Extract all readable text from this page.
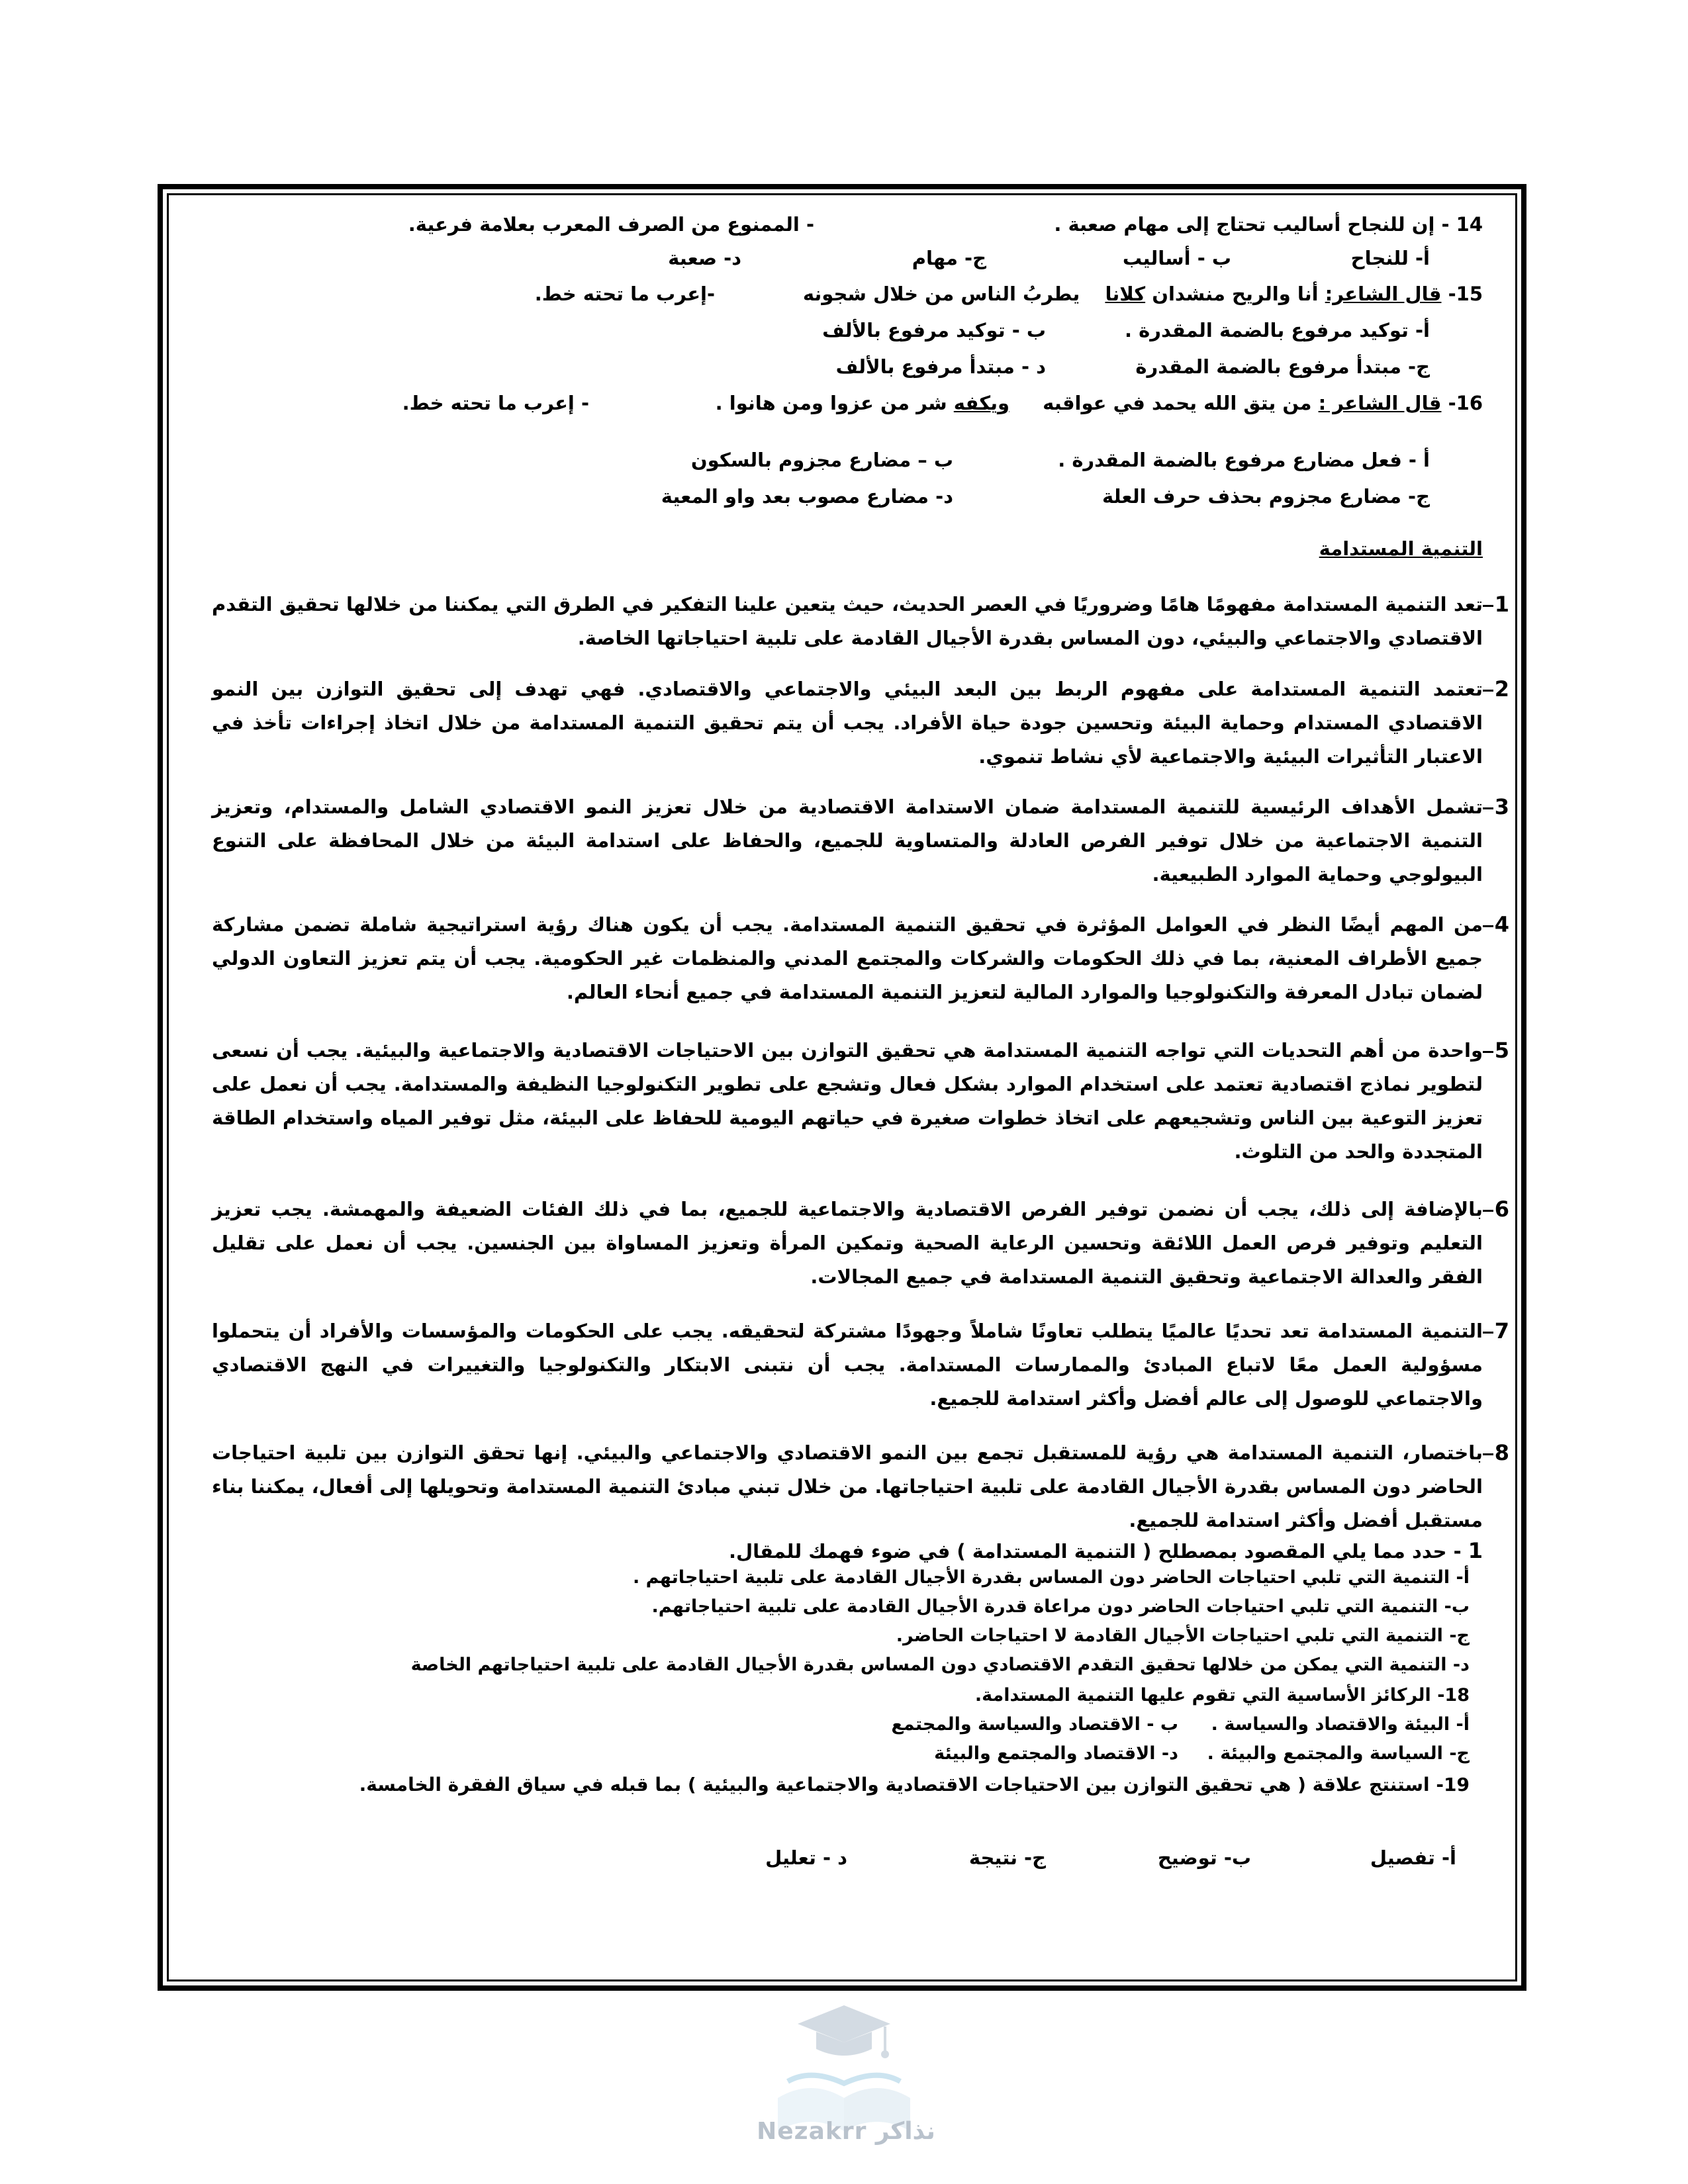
14 - إن للنجاح أساليب تحتاج إلى مهام صعبة .
- الممنوع من الصرف المعرب بعلامة فرعية.
أ- للنجاح
ب - أساليب
ج- مهام
د- صعبة
15- قال الشاعر: أنا والريح منشدان كلانا يطربُ الناس من خلال شجونه
-إعرب ما تحته خط.
أ- توكيد مرفوع بالضمة المقدرة .
ب - توكيد مرفوع بالألف
ج- مبتدأ مرفوع بالضمة المقدرة
د - مبتدأ مرفوع بالألف
16- قال الشاعر : من يتق الله يحمد في عواقبه ويكفه شر من عزوا ومن هانوا .
- إعرب ما تحته خط.
أ - فعل مضارع مرفوع بالضمة المقدرة .
ب – مضارع مجزوم بالسكون
ج- مضارع مجزوم بحذف حرف العلة
د- مضارع مصوب بعد واو المعية
التنمية المستدامة
1
تعد التنمية المستدامة مفهومًا هامًا وضروريًا في العصر الحديث، حيث يتعين علينا التفكير في الطرق التي يمكننا من خلالها تحقيق التقدم الاقتصادي والاجتماعي والبيئي، دون المساس بقدرة الأجيال القادمة على تلبية احتياجاتها الخاصة.
2
تعتمد التنمية المستدامة على مفهوم الربط بين البعد البيئي والاجتماعي والاقتصادي. فهي تهدف إلى تحقيق التوازن بين النمو الاقتصادي المستدام وحماية البيئة وتحسين جودة حياة الأفراد. يجب أن يتم تحقيق التنمية المستدامة من خلال اتخاذ إجراءات تأخذ في الاعتبار التأثيرات البيئية والاجتماعية لأي نشاط تنموي.
3
تشمل الأهداف الرئيسية للتنمية المستدامة ضمان الاستدامة الاقتصادية من خلال تعزيز النمو الاقتصادي الشامل والمستدام، وتعزيز التنمية الاجتماعية من خلال توفير الفرص العادلة والمتساوية للجميع، والحفاظ على استدامة البيئة من خلال المحافظة على التنوع البيولوجي وحماية الموارد الطبيعية.
4
من المهم أيضًا النظر في العوامل المؤثرة في تحقيق التنمية المستدامة. يجب أن يكون هناك رؤية استراتيجية شاملة تضمن مشاركة جميع الأطراف المعنية، بما في ذلك الحكومات والشركات والمجتمع المدني والمنظمات غير الحكومية. يجب أن يتم تعزيز التعاون الدولي لضمان تبادل المعرفة والتكنولوجيا والموارد المالية لتعزيز التنمية المستدامة في جميع أنحاء العالم.
5
واحدة من أهم التحديات التي تواجه التنمية المستدامة هي تحقيق التوازن بين الاحتياجات الاقتصادية والاجتماعية والبيئية. يجب أن نسعى لتطوير نماذج اقتصادية تعتمد على استخدام الموارد بشكل فعال وتشجع على تطوير التكنولوجيا النظيفة والمستدامة. يجب أن نعمل على تعزيز التوعية بين الناس وتشجيعهم على اتخاذ خطوات صغيرة في حياتهم اليومية للحفاظ على البيئة، مثل توفير المياه واستخدام الطاقة المتجددة والحد من التلوث.
6
بالإضافة إلى ذلك، يجب أن نضمن توفير الفرص الاقتصادية والاجتماعية للجميع، بما في ذلك الفئات الضعيفة والمهمشة. يجب تعزيز التعليم وتوفير فرص العمل اللائقة وتحسين الرعاية الصحية وتمكين المرأة وتعزيز المساواة بين الجنسين. يجب أن نعمل على تقليل الفقر والعدالة الاجتماعية وتحقيق التنمية المستدامة في جميع المجالات.
7
التنمية المستدامة تعد تحديًا عالميًا يتطلب تعاونًا شاملاً وجهودًا مشتركة لتحقيقه. يجب على الحكومات والمؤسسات والأفراد أن يتحملوا مسؤولية العمل معًا لاتباع المبادئ والممارسات المستدامة. يجب أن نتبنى الابتكار والتكنولوجيا والتغييرات في النهج الاقتصادي والاجتماعي للوصول إلى عالم أفضل وأكثر استدامة للجميع.
8
باختصار، التنمية المستدامة هي رؤية للمستقبل تجمع بين النمو الاقتصادي والاجتماعي والبيئي. إنها تحقق التوازن بين تلبية احتياجات الحاضر دون المساس بقدرة الأجيال القادمة على تلبية احتياجاتها. من خلال تبني مبادئ التنمية المستدامة وتحويلها إلى أفعال، يمكننا بناء مستقبل أفضل وأكثر استدامة للجميع.
1 - حدد مما يلي المقصود بمصطلح ( التنمية المستدامة ) في ضوء فهمك للمقال.
أ- التنمية التي تلبي احتياجات الحاضر دون المساس بقدرة الأجيال القادمة على تلبية احتياجاتهم .
ب- التنمية التي تلبي احتياجات الحاضر دون مراعاة قدرة الأجيال القادمة على تلبية احتياجاتهم.
ج- التنمية التي تلبي احتياجات الأجيال القادمة لا احتياجات الحاضر.
د- التنمية التي يمكن من خلالها تحقيق التقدم الاقتصادي دون المساس بقدرة الأجيال القادمة على تلبية احتياجاتهم الخاصة
18- الركائز الأساسية التي تقوم عليها التنمية المستدامة.
أ- البيئة والاقتصاد والسياسة .
ب - الاقتصاد والسياسة والمجتمع
ج- السياسة والمجتمع والبيئة .
د- الاقتصاد والمجتمع والبيئة
19- استنتج علاقة ( هي تحقيق التوازن بين الاحتياجات الاقتصادية والاجتماعية والبيئية ) بما قبله في سياق الفقرة الخامسة.
أ- تفصيل
ب- توضيح
ج- نتيجة
د - تعليل
Nezakrr نذاكر
